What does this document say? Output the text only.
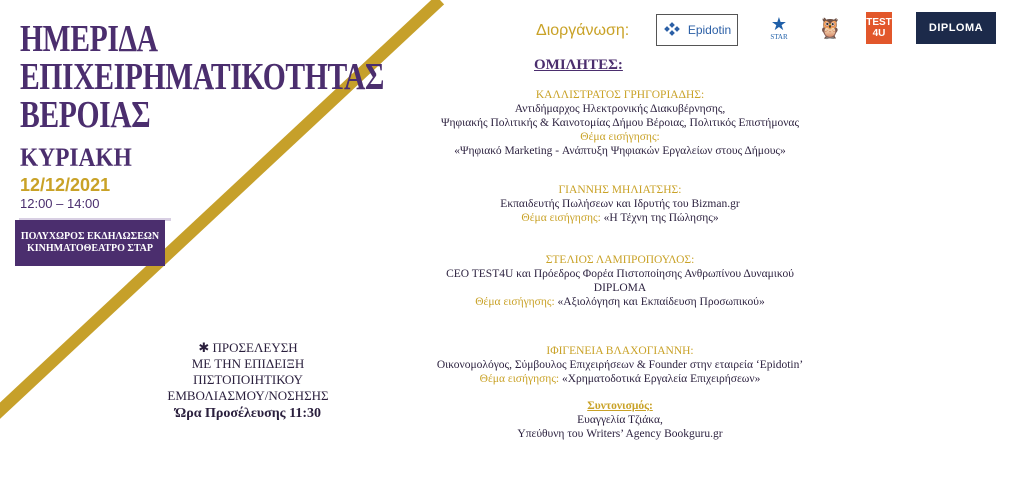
ΗΜΕΡΙΔΑ
ΕΠΙΧΕΙΡΗΜΑΤΙΚΟΤΗΤΑΣ
ΒΕΡΟΙΑΣ
ΚΥΡΙΑΚΗ
12/12/2021
12:00 – 14:00
ΠΟΛΥΧΩΡΟΣ ΕΚΔΗΛΩΣΕΩΝ
ΚΙΝΗΜΑΤΟΘΕΑΤΡΟ ΣΤΑΡ
✱ ΠΡΟΣΕΛΕΥΣΗ
ΜΕ ΤΗΝ ΕΠΙΔΕΙΞΗ
ΠΙΣΤΟΠΟΙΗΤΙΚΟΥ
ΕΜΒΟΛΙΑΣΜΟΥ/ΝΟΣΗΣΗΣ
Ώρα Προσέλευσης 11:30
Διοργάνωση:	Epidotin ★
STAR 🦉 TEST
4U	DIPLOMA
ΟΜΙΛΗΤΕΣ:
ΚΑΛΛΙΣΤΡΑΤΟΣ ΓΡΗΓΟΡΙΑΔΗΣ:
Αντιδήμαρχος Ηλεκτρονικής Διακυβέρνησης,
Ψηφιακής Πολιτικής & Καινοτομίας Δήμου Βέροιας, Πολιτικός Επιστήμονας
Θέμα εισήγησης:
«Ψηφιακό Marketing - Ανάπτυξη Ψηφιακών Εργαλείων στους Δήμους»
ΓΙΑΝΝΗΣ ΜΗΛΙΑΤΣΗΣ:
Εκπαιδευτής Πωλήσεων και Ιδρυτής του Bizman.gr
Θέμα εισήγησης: «Η Τέχνη της Πώλησης»
ΣΤΕΛΙΟΣ ΛΑΜΠΡΟΠΟΥΛΟΣ:
CEO TEST4U και Πρόεδρος Φορέα Πιστοποίησης Ανθρωπίνου Δυναμικού
DIPLOMA
Θέμα εισήγησης: «Αξιολόγηση και Εκπαίδευση Προσωπικού»
ΙΦΙΓΕΝΕΙΑ ΒΛΑΧΟΓΙΑΝΝΗ:
Οικονομολόγος, Σύμβουλος Επιχειρήσεων & Founder στην εταιρεία ‘Epidotin’
Θέμα εισήγησης: «Χρηματοδοτικά Εργαλεία Επιχειρήσεων»
Συντονισμός:
Ευαγγελία Τζιάκα,
Υπεύθυνη του Writers’ Agency Bookguru.gr
